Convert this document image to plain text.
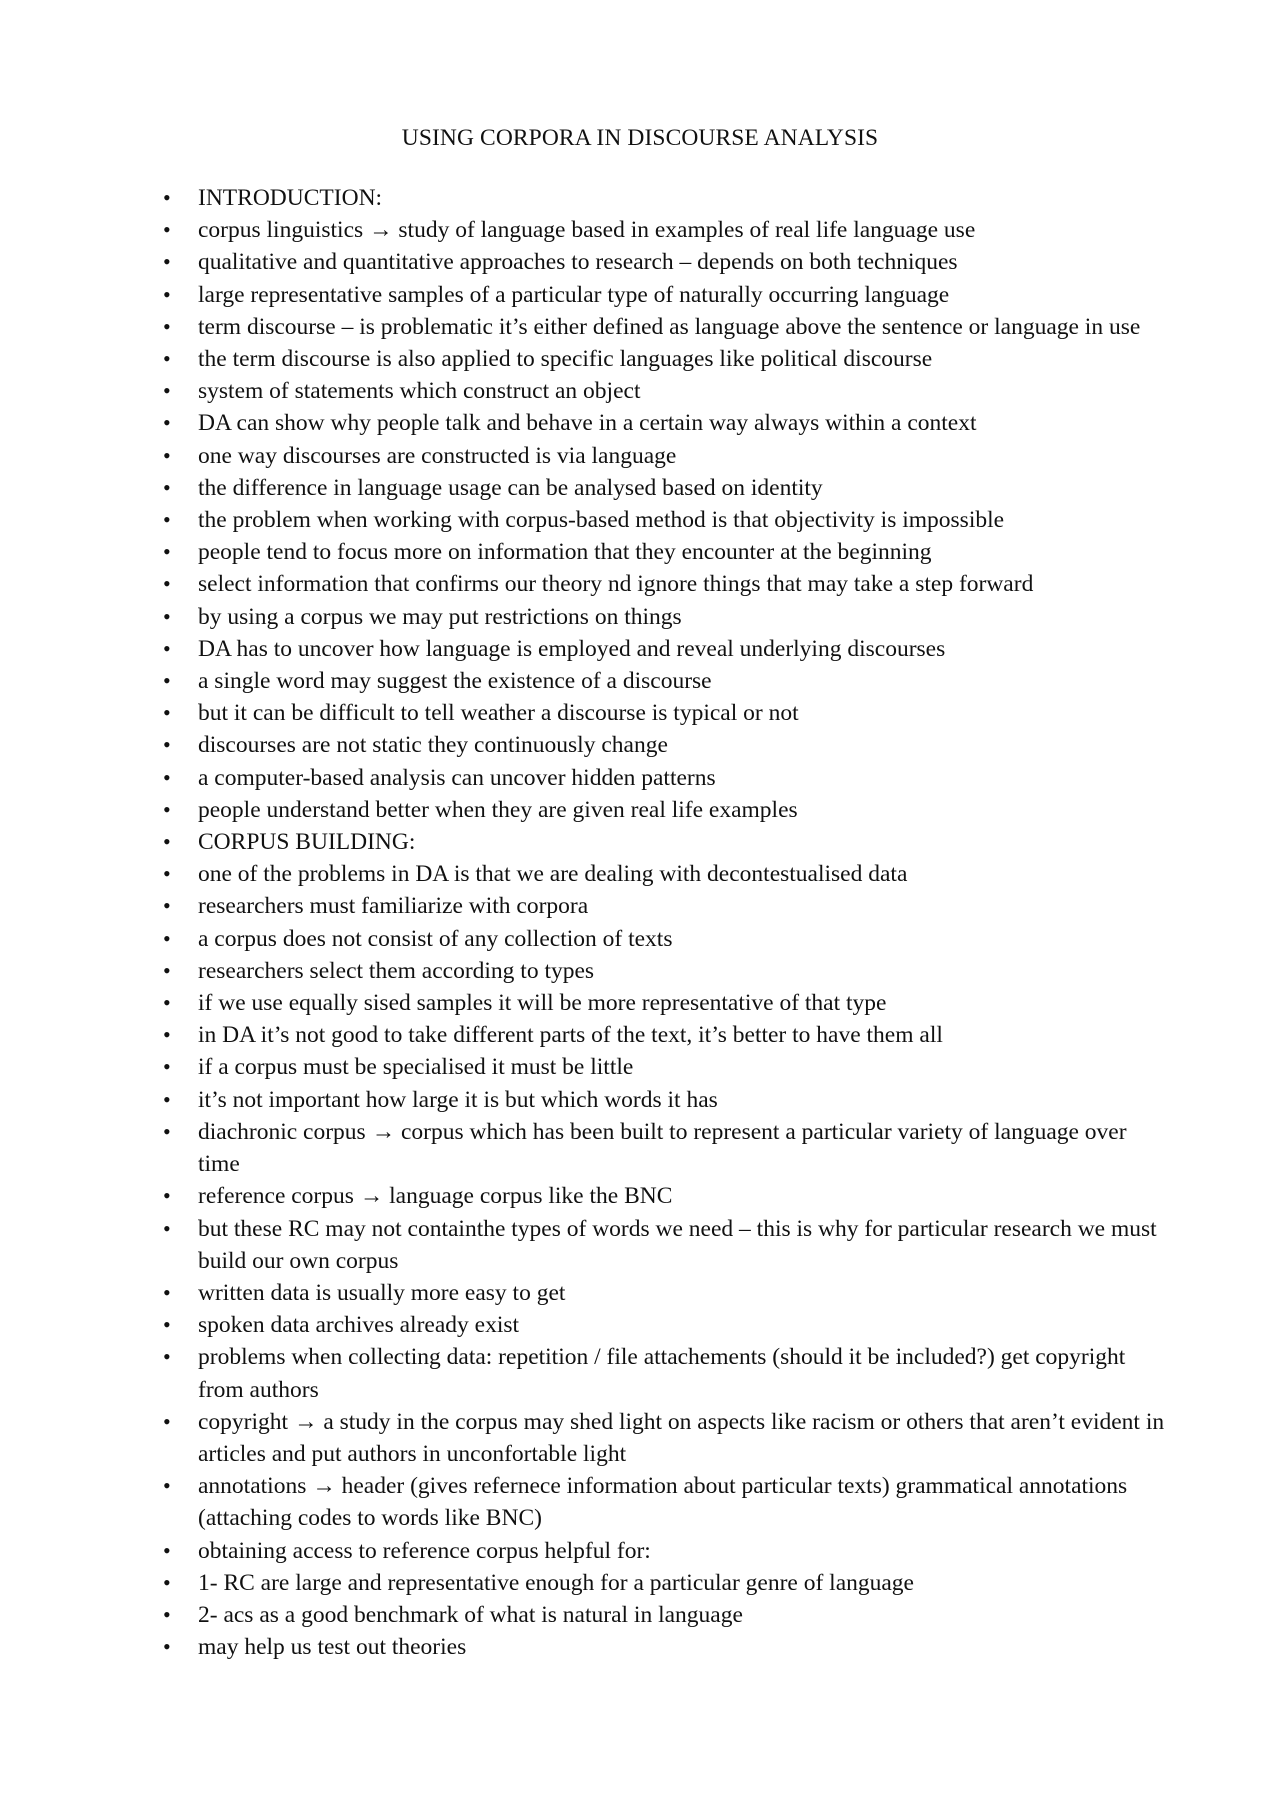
USING CORPORA IN DISCOURSE ANALYSIS
• INTRODUCTION:
• corpus linguistics → study of language based in examples of real life language use
• qualitative and quantitative approaches to research – depends on both techniques
• large representative samples of a particular type of naturally occurring language
• term discourse – is problematic it’s either defined as language above the sentence or language in use
• the term discourse is also applied to specific languages like political discourse
• system of statements which construct an object
• DA can show why people talk and behave in a certain way always within a context
• one way discourses are constructed is via language
• the difference in language usage can be analysed based on identity
• the problem when working with corpus-based method is that objectivity is impossible
• people tend to focus more on information that they encounter at the beginning
• select information that confirms our theory nd ignore things that may take a step forward
• by using a corpus we may put restrictions on things
• DA has to uncover how language is employed and reveal underlying discourses
• a single word may suggest the existence of a discourse
• but it can be difficult to tell weather a discourse is typical or not
• discourses are not static they continuously change
• a computer-based analysis can uncover hidden patterns
• people understand better when they are given real life examples
• CORPUS BUILDING:
• one of the problems in DA is that we are dealing with decontestualised data
• researchers must familiarize with corpora
• a corpus does not consist of any collection of texts
• researchers select them according to types
• if we use equally sised samples it will be more representative of that type
• in DA it’s not good to take different parts of the text, it’s better to have them all
• if a corpus must be specialised it must be little
• it’s not important how large it is but which words it has
• diachronic corpus → corpus which has been built to represent a particular variety of language over time
• reference corpus → language corpus like the BNC
• but these RC may not containthe types of words we need – this is why for particular research we must build our own corpus
• written data is usually more easy to get
• spoken data archives already exist
• problems when collecting data: repetition / file attachements (should it be included?) get copyright from authors
• copyright → a study in the corpus may shed light on aspects like racism or others that aren’t evident in articles and put authors in unconfortable light
• annotations → header (gives refernece information about particular texts) grammatical annotations (attaching codes to words like BNC)
• obtaining access to reference corpus helpful for:
• 1- RC are large and representative enough for a particular genre of language
• 2- acs as a good benchmark of what is natural in language
• may help us test out theories
